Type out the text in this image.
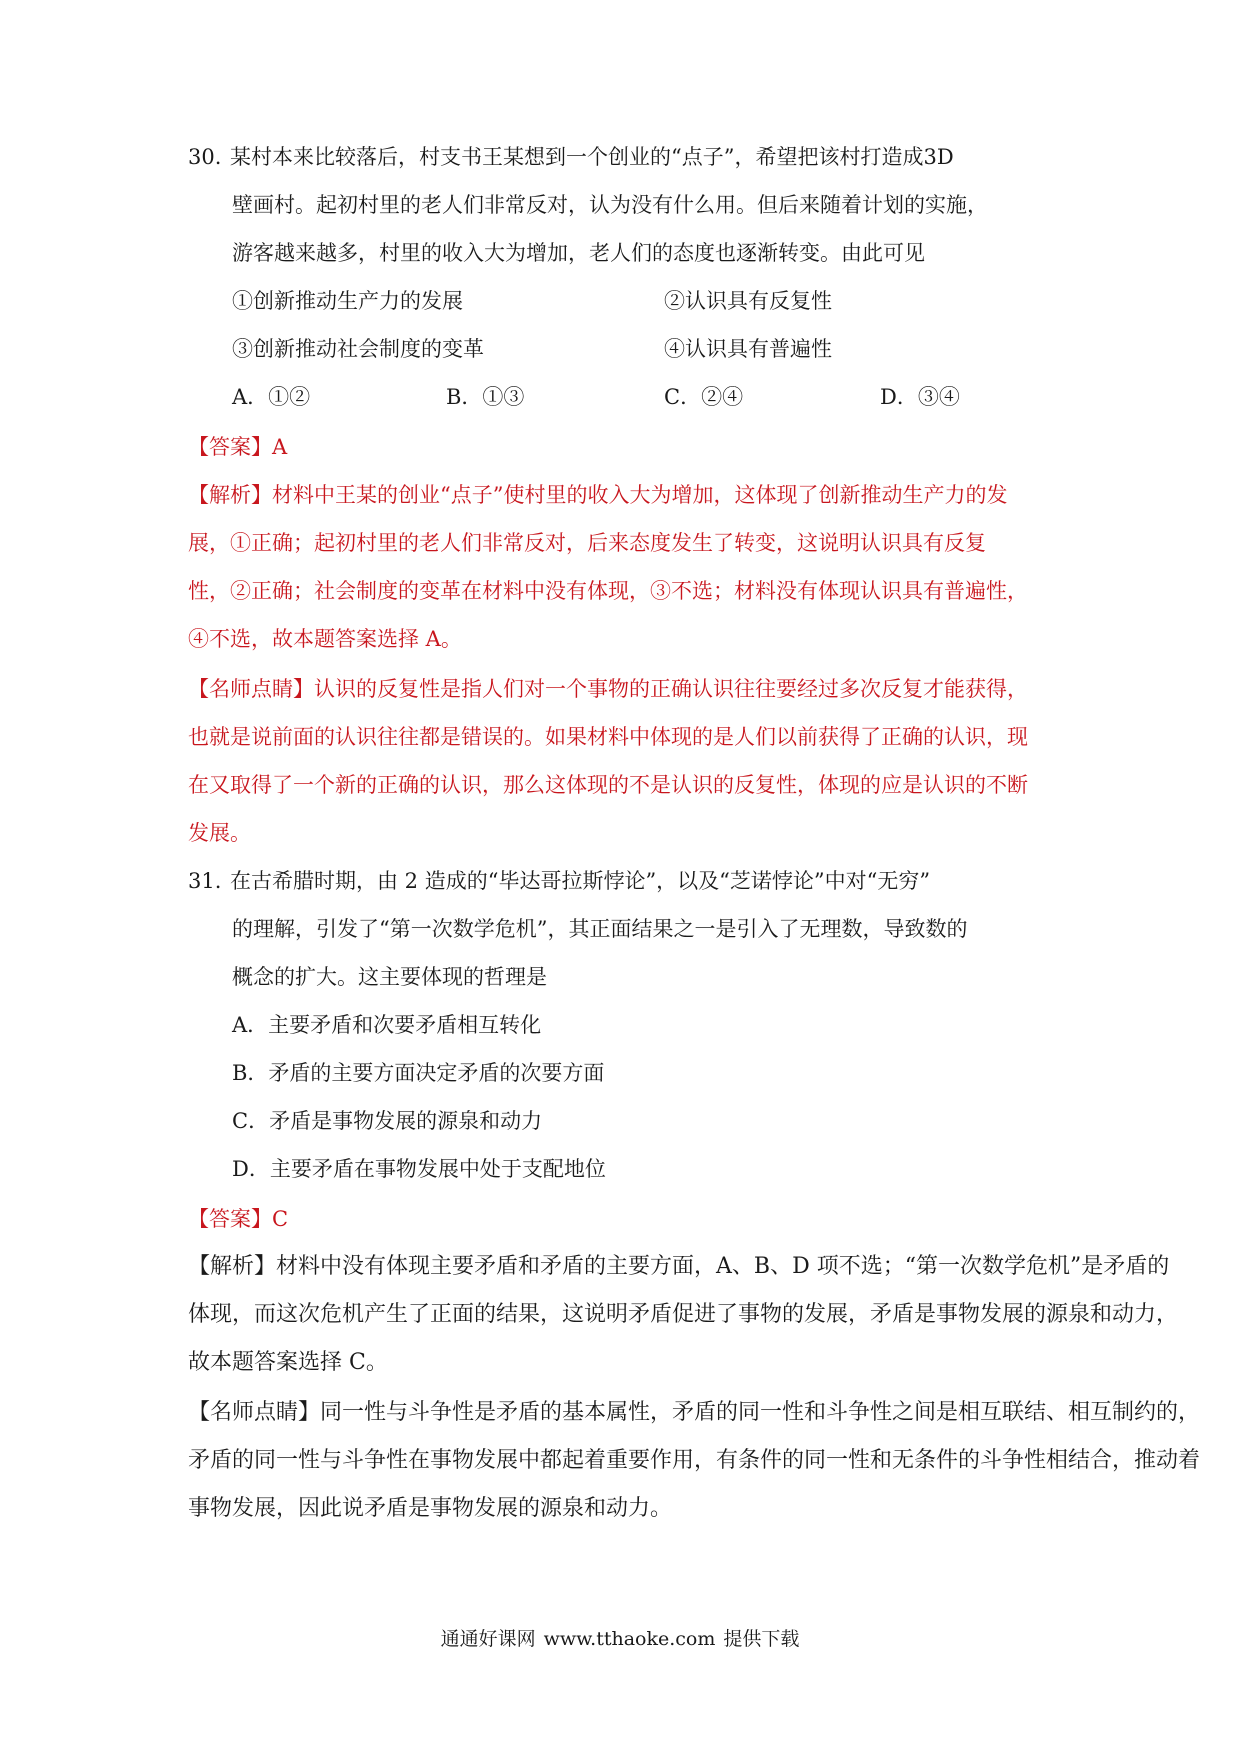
30. 某村本来比较落后，村支书王某想到一个创业的“点子”，希望把该村打造成3D
壁画村。起初村里的老人们非常反对，认为没有什么用。但后来随着计划的实施，
游客越来越多，村里的收入大为增加，老人们的态度也逐渐转变。由此可见
①创新推动生产力的发展	②认识具有反复性
③创新推动社会制度的变革	④认识具有普遍性
A．①②	B．①③	C．②④	D．③④
【答案】A
【解析】材料中王某的创业“点子”使村里的收入大为增加，这体现了创新推动生产力的发
展，①正确；起初村里的老人们非常反对，后来态度发生了转变，这说明认识具有反复
性，②正确；社会制度的变革在材料中没有体现，③不选；材料没有体现认识具有普遍性，
④不选，故本题答案选择 A。
【名师点睛】认识的反复性是指人们对一个事物的正确认识往往要经过多次反复才能获得，
也就是说前面的认识往往都是错误的。如果材料中体现的是人们以前获得了正确的认识，现
在又取得了一个新的正确的认识，那么这体现的不是认识的反复性，体现的应是认识的不断
发展。
31. 在古希腊时期，由 2 造成的“毕达哥拉斯悖论”，以及“芝诺悖论”中对“无穷”
的理解，引发了“第一次数学危机”，其正面结果之一是引入了无理数，导致数的
概念的扩大。这主要体现的哲理是
A．主要矛盾和次要矛盾相互转化
B．矛盾的主要方面决定矛盾的次要方面
C．矛盾是事物发展的源泉和动力
D．主要矛盾在事物发展中处于支配地位
【答案】C
【解析】材料中没有体现主要矛盾和矛盾的主要方面，A、B、D 项不选；“第一次数学危机”是矛盾的
体现，而这次危机产生了正面的结果，这说明矛盾促进了事物的发展，矛盾是事物发展的源泉和动力，
故本题答案选择 C。
【名师点睛】同一性与斗争性是矛盾的基本属性，矛盾的同一性和斗争性之间是相互联结、相互制约的，
矛盾的同一性与斗争性在事物发展中都起着重要作用，有条件的同一性和无条件的斗争性相结合，推动着
事物发展，因此说矛盾是事物发展的源泉和动力。
通通好课网 www.tthaoke.com 提供下载
